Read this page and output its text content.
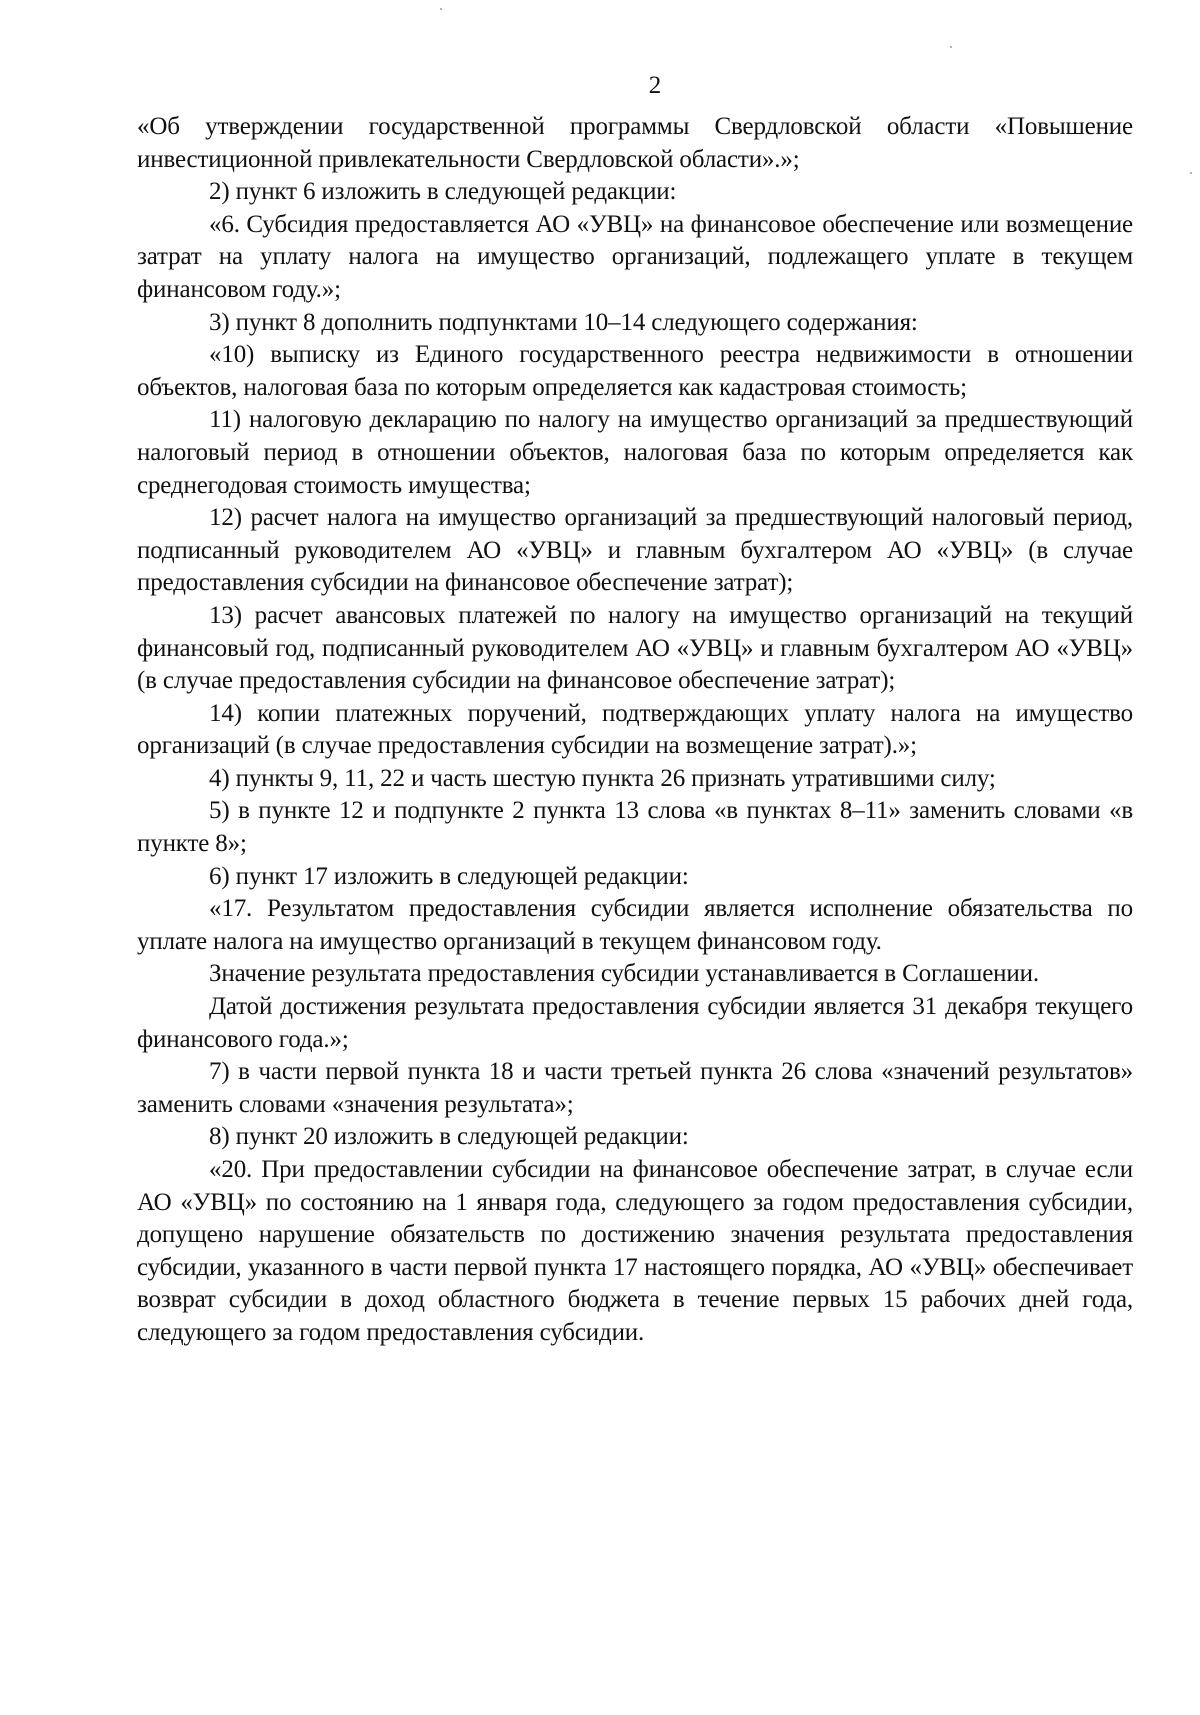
2

«Об утверждении государственной программы Свердловской области «Повышение инвестиционной привлекательности Свердловской области».»;

2) пункт 6 изложить в следующей редакции:

«6. Субсидия предоставляется АО «УВЦ» на финансовое обеспечение или возмещение затрат на уплату налога на имущество организаций, подлежащего уплате в текущем финансовом году.»;

3) пункт 8 дополнить подпунктами 10–14 следующего содержания:

«10) выписку из Единого государственного реестра недвижимости в отношении объектов, налоговая база по которым определяется как кадастровая стоимость;

11) налоговую декларацию по налогу на имущество организаций за предшествующий налоговый период в отношении объектов, налоговая база по которым определяется как среднегодовая стоимость имущества;

12) расчет налога на имущество организаций за предшествующий налоговый период, подписанный руководителем АО «УВЦ» и главным бухгалтером АО «УВЦ» (в случае предоставления субсидии на финансовое обеспечение затрат);

13) расчет авансовых платежей по налогу на имущество организаций на текущий финансовый год, подписанный руководителем АО «УВЦ» и главным бухгалтером АО «УВЦ» (в случае предоставления субсидии на финансовое обеспечение затрат);

14) копии платежных поручений, подтверждающих уплату налога на имущество организаций (в случае предоставления субсидии на возмещение затрат).»;

4) пункты 9, 11, 22 и часть шестую пункта 26 признать утратившими силу;

5) в пункте 12 и подпункте 2 пункта 13 слова «в пунктах 8–11» заменить словами «в пункте 8»;

6) пункт 17 изложить в следующей редакции:

«17. Результатом предоставления субсидии является исполнение обязательства по уплате налога на имущество организаций в текущем финансовом году.

Значение результата предоставления субсидии устанавливается в Соглашении.

Датой достижения результата предоставления субсидии является 31 декабря текущего финансового года.»;

7) в части первой пункта 18 и части третьей пункта 26 слова «значений результатов» заменить словами «значения результата»;

8) пункт 20 изложить в следующей редакции:

«20. При предоставлении субсидии на финансовое обеспечение затрат, в случае если АО «УВЦ» по состоянию на 1 января года, следующего за годом предоставления субсидии, допущено нарушение обязательств по достижению значения результата предоставления субсидии, указанного в части первой пункта 17 настоящего порядка, АО «УВЦ» обеспечивает возврат субсидии в доход областного бюджета в течение первых 15 рабочих дней года, следующего за годом предоставления субсидии.
